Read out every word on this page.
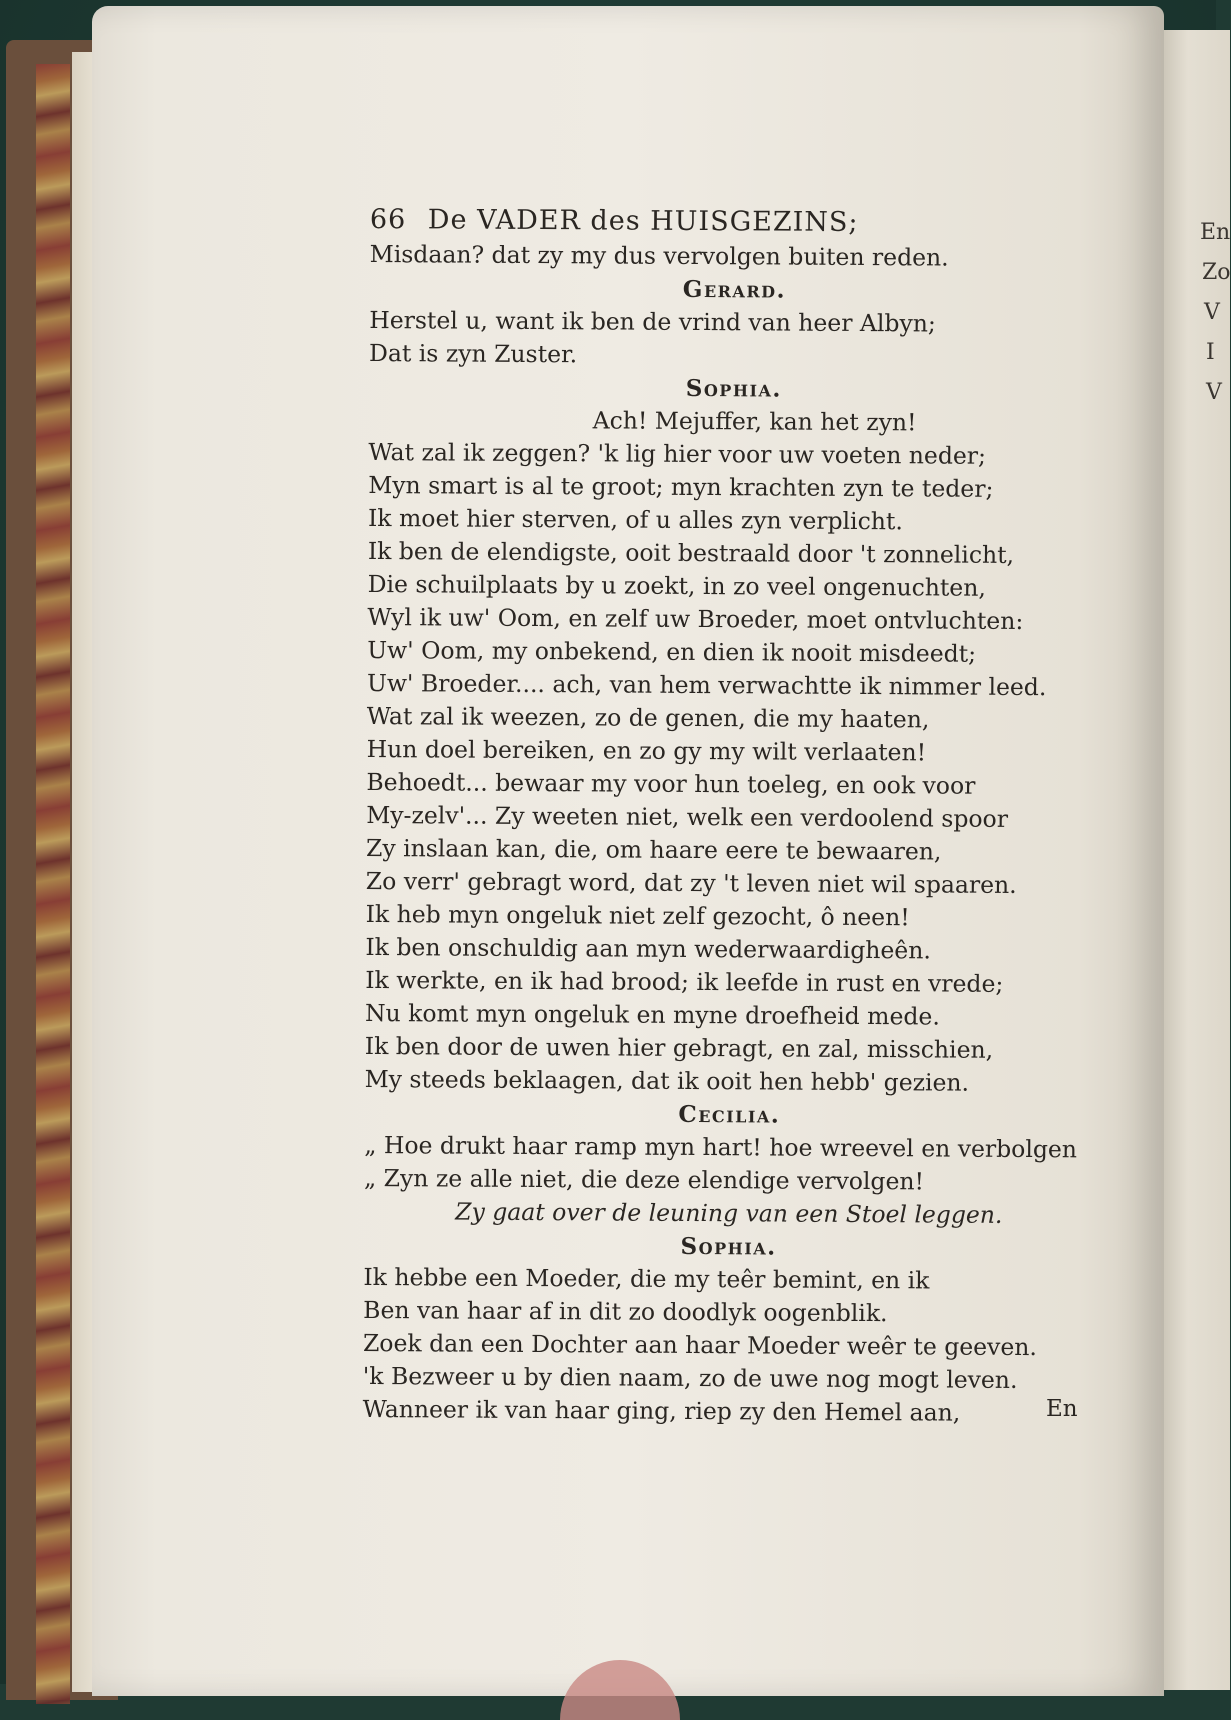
66 De VADER des HUISGEZINS;
Misdaan? dat zy my dus vervolgen buiten reden.
Gerard.
Herstel u, want ik ben de vrind van heer Albyn;
Dat is zyn Zuster.
Sophia.
Ach! Mejuffer, kan het zyn!
Wat zal ik zeggen? 'k lig hier voor uw voeten neder;
Myn smart is al te groot; myn krachten zyn te teder;
Ik moet hier sterven, of u alles zyn verplicht.
Ik ben de elendigste, ooit bestraald door 't zonnelicht,
Die schuilplaats by u zoekt, in zo veel ongenuchten,
Wyl ik uw' Oom, en zelf uw Broeder, moet ontvluchten:
Uw' Oom, my onbekend, en dien ik nooit misdeedt;
Uw' Broeder.... ach, van hem verwachtte ik nimmer leed.
Wat zal ik weezen, zo de genen, die my haaten,
Hun doel bereiken, en zo gy my wilt verlaaten!
Behoedt... bewaar my voor hun toeleg, en ook voor
My-zelv'... Zy weeten niet, welk een verdoolend spoor
Zy inslaan kan, die, om haare eere te bewaaren,
Zo verr' gebragt word, dat zy 't leven niet wil spaaren.
Ik heb myn ongeluk niet zelf gezocht, ô neen!
Ik ben onschuldig aan myn wederwaardigheên.
Ik werkte, en ik had brood; ik leefde in rust en vrede;
Nu komt myn ongeluk en myne droefheid mede.
Ik ben door de uwen hier gebragt, en zal, misschien,
My steeds beklaagen, dat ik ooit hen hebb' gezien.
Cecilia.
„ Hoe drukt haar ramp myn hart! hoe wreevel en verbolgen
„ Zyn ze alle niet, die deze elendige vervolgen!
Zy gaat over de leuning van een Stoel leggen.
Sophia.
Ik hebbe een Moeder, die my teêr bemint, en ik
Ben van haar af in dit zo doodlyk oogenblik.
Zoek dan een Dochter aan haar Moeder weêr te geeven.
'k Bezweer u by dien naam, zo de uwe nog mogt leven.
Wanneer ik van haar ging, riep zy den Hemel aan,	En
En
Zo
V
I
V
